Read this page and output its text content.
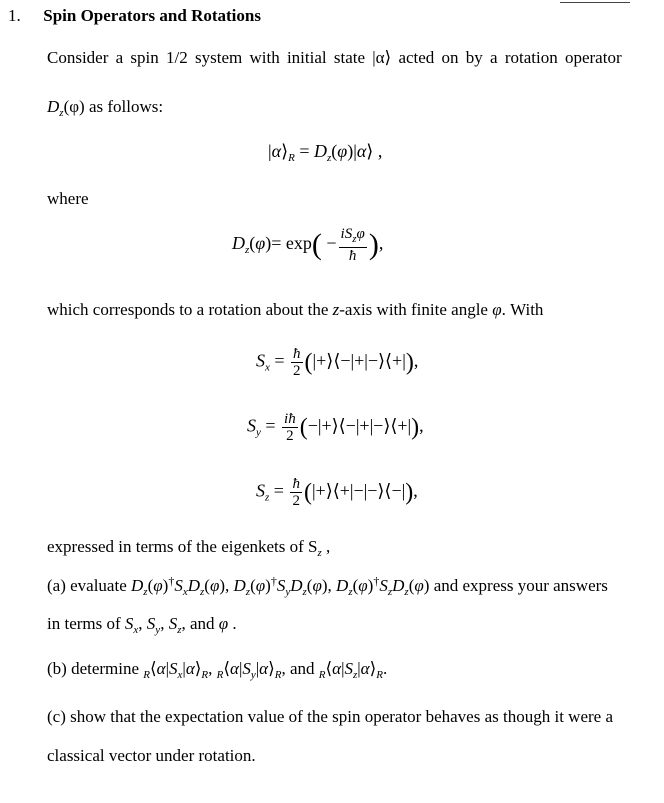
1. Spin Operators and Rotations
Consider a spin 1/2 system with initial state |α⟩ acted on by a rotation operator
$D_z(\varphi)$ as follows:
$|\alpha⟩_R$ = $D_z(\varphi)|\alpha⟩$ ,
where
$D_z(\varphi)= \exp( - \frac{iS_z\varphi}{ħ}$ ),
which corresponds to a rotation about the z-axis with finite angle φ. With
$S_x = \frac{ħ}{2}$ (|+⟩⟨−|+|−⟩⟨+|),
$S_y = \frac{iħ}{2}$ (−|+⟩⟨−|+|−⟩⟨+|),
$S_z = \frac{ħ}{2}$ (|+⟩⟨+|−|−⟩⟨−|),
expressed in terms of the eigenkets of $S_z$ ,
(a) evaluate $D_z(\varphi)^\dagger S_xD_z(\varphi)$, $D_z(\varphi)^\dagger S_yD_z(\varphi)$, $D_z(\varphi)^\dagger S_zD_z(\varphi)$ and express your answers
in terms of $S_x$, $S_y$, $S_z$, and φ .
(b) determine $_R⟨\alpha|S_x|\alpha⟩_R$, $_R⟨\alpha|S_y|\alpha⟩_R$, and $_R⟨\alpha|S_z|\alpha⟩_R$.
(c) show that the expectation value of the spin operator behaves as though it were a
classical vector under rotation.
